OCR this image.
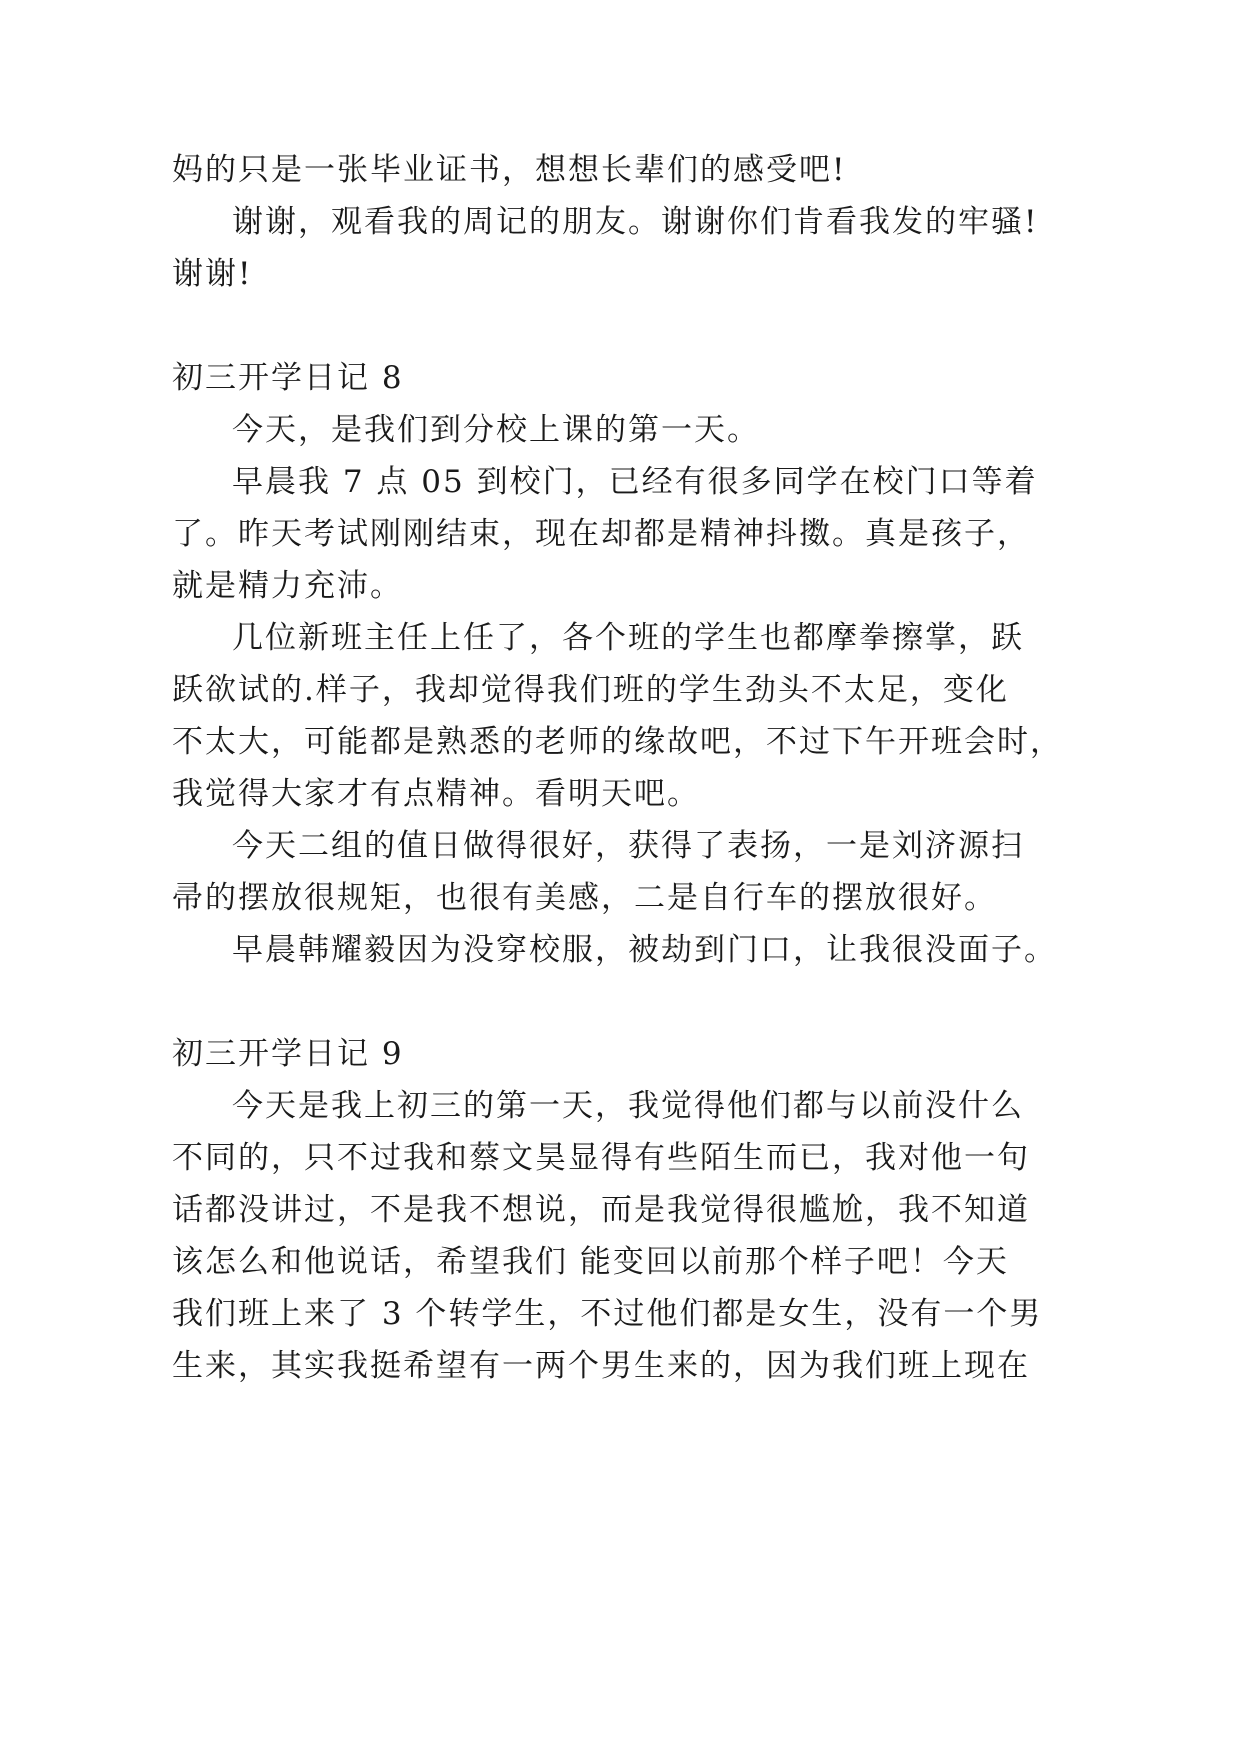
妈的只是一张毕业证书，想想长辈们的感受吧!
谢谢，观看我的周记的朋友。谢谢你们肯看我发的牢骚!
谢谢!
初三开学日记 8
今天，是我们到分校上课的第一天。
早晨我 7 点 05 到校门，已经有很多同学在校门口等着
了。昨天考试刚刚结束，现在却都是精神抖擞。真是孩子，
就是精力充沛。
几位新班主任上任了，各个班的学生也都摩拳擦掌，跃
跃欲试的.样子，我却觉得我们班的学生劲头不太足，变化
不太大，可能都是熟悉的老师的缘故吧，不过下午开班会时，
我觉得大家才有点精神。看明天吧。
今天二组的值日做得很好，获得了表扬，一是刘济源扫
帚的摆放很规矩，也很有美感，二是自行车的摆放很好。
早晨韩耀毅因为没穿校服，被劫到门口，让我很没面子。
初三开学日记 9
今天是我上初三的第一天，我觉得他们都与以前没什么
不同的，只不过我和蔡文昊显得有些陌生而已，我对他一句
话都没讲过，不是我不想说，而是我觉得很尴尬，我不知道
该怎么和他说话，希望我们 能变回以前那个样子吧！今天
我们班上来了 3 个转学生，不过他们都是女生，没有一个男
生来，其实我挺希望有一两个男生来的，因为我们班上现在
